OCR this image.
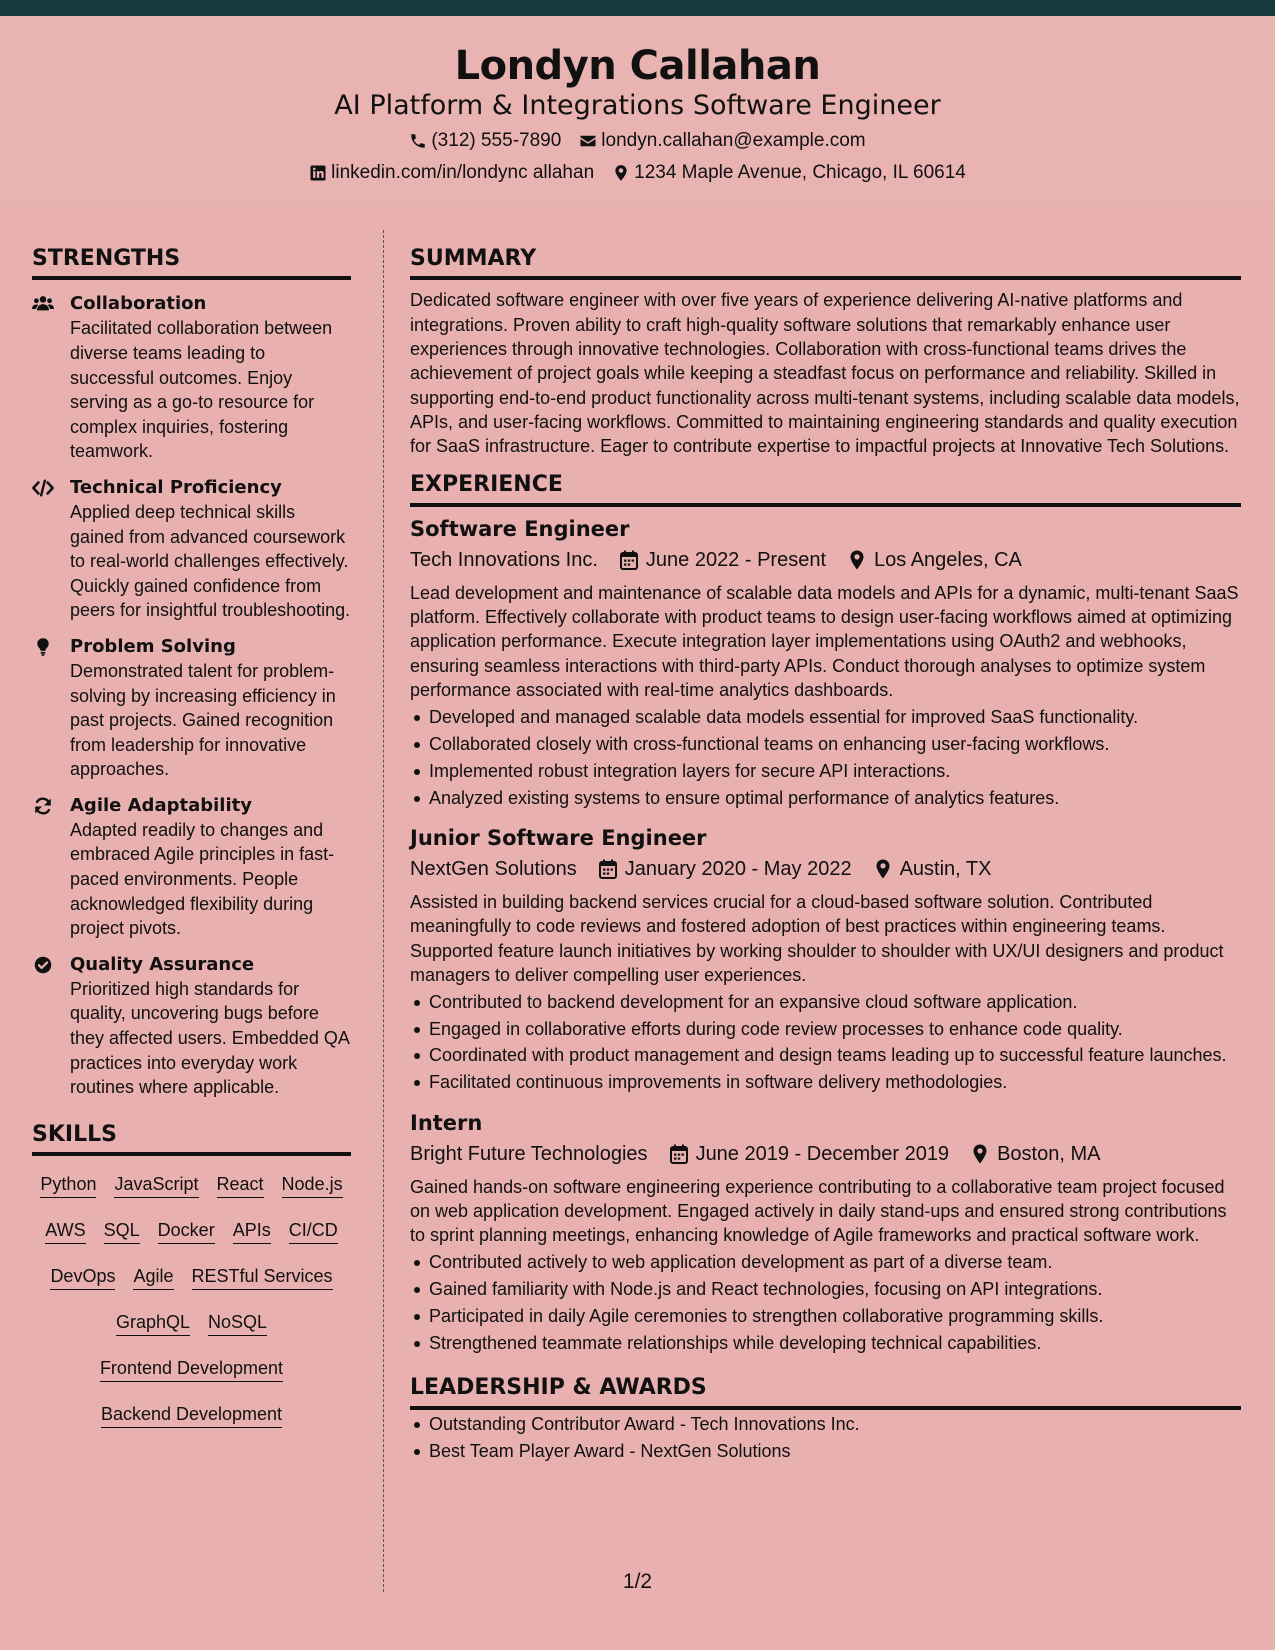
Londyn Callahan
AI Platform & Integrations Software Engineer
(312) 555-7890 londyn.callahan@example.com
linkedin.com/in/londync allahan 1234 Maple Avenue, Chicago, IL 60614
STRENGTHS
Collaboration
Facilitated collaboration between diverse teams leading to successful outcomes. Enjoy serving as a go-to resource for complex inquiries, fostering teamwork.
Technical Proficiency
Applied deep technical skills gained from advanced coursework to real-world challenges effectively. Quickly gained confidence from peers for insightful troubleshooting.
Problem Solving
Demonstrated talent for problem-solving by increasing efficiency in past projects. Gained recognition from leadership for innovative approaches.
Agile Adaptability
Adapted readily to changes and embraced Agile principles in fast-paced environments. People acknowledged flexibility during project pivots.
Quality Assurance
Prioritized high standards for quality, uncovering bugs before they affected users. Embedded QA practices into everyday work routines where applicable.
SKILLS
Python JavaScript React Node.js
AWS SQL Docker APIs CI/CD
DevOps Agile RESTful Services
GraphQL NoSQL
Frontend Development
Backend Development
SUMMARY
Dedicated software engineer with over five years of experience delivering AI-native platforms and integrations. Proven ability to craft high-quality software solutions that remarkably enhance user experiences through innovative technologies. Collaboration with cross-functional teams drives the achievement of project goals while keeping a steadfast focus on performance and reliability. Skilled in supporting end-to-end product functionality across multi-tenant systems, including scalable data models, APIs, and user-facing workflows. Committed to maintaining engineering standards and quality execution for SaaS infrastructure. Eager to contribute expertise to impactful projects at Innovative Tech Solutions.
EXPERIENCE
Software Engineer
Tech Innovations Inc. June 2022 - Present Los Angeles, CA
Lead development and maintenance of scalable data models and APIs for a dynamic, multi-tenant SaaS platform. Effectively collaborate with product teams to design user-facing workflows aimed at optimizing application performance. Execute integration layer implementations using OAuth2 and webhooks, ensuring seamless interactions with third-party APIs. Conduct thorough analyses to optimize system performance associated with real-time analytics dashboards.
Developed and managed scalable data models essential for improved SaaS functionality.
Collaborated closely with cross-functional teams on enhancing user-facing workflows.
Implemented robust integration layers for secure API interactions.
Analyzed existing systems to ensure optimal performance of analytics features.
Junior Software Engineer
NextGen Solutions January 2020 - May 2022 Austin, TX
Assisted in building backend services crucial for a cloud-based software solution. Contributed meaningfully to code reviews and fostered adoption of best practices within engineering teams. Supported feature launch initiatives by working shoulder to shoulder with UX/UI designers and product managers to deliver compelling user experiences.
Contributed to backend development for an expansive cloud software application.
Engaged in collaborative efforts during code review processes to enhance code quality.
Coordinated with product management and design teams leading up to successful feature launches.
Facilitated continuous improvements in software delivery methodologies.
Intern
Bright Future Technologies June 2019 - December 2019 Boston, MA
Gained hands-on software engineering experience contributing to a collaborative team project focused on web application development. Engaged actively in daily stand-ups and ensured strong contributions to sprint planning meetings, enhancing knowledge of Agile frameworks and practical software work.
Contributed actively to web application development as part of a diverse team.
Gained familiarity with Node.js and React technologies, focusing on API integrations.
Participated in daily Agile ceremonies to strengthen collaborative programming skills.
Strengthened teammate relationships while developing technical capabilities.
LEADERSHIP & AWARDS
Outstanding Contributor Award - Tech Innovations Inc.
Best Team Player Award - NextGen Solutions
1/2
